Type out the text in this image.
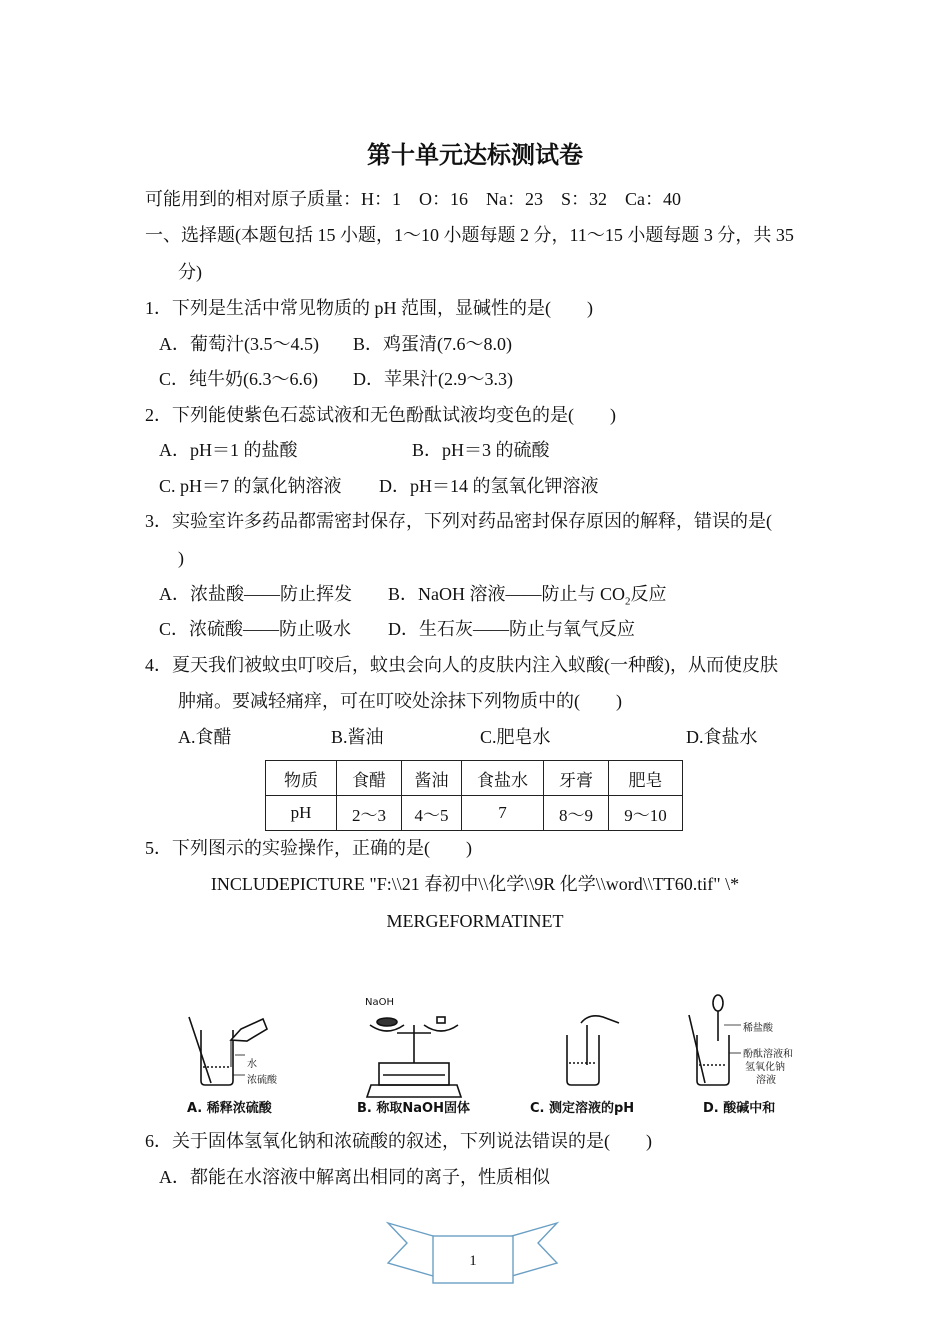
第十单元达标测试卷
可能用到的相对原子质量：H：1　O：16　Na：23　S：32　Ca：40
一、选择题(本题包括 15 小题，1～10 小题每题 2 分，11～15 小题每题 3 分，共 35
分)
1．下列是生活中常见物质的 pH 范围，显碱性的是(　　)
A．葡萄汁(3.5～4.5) B．鸡蛋清(7.6～8.0)
C．纯牛奶(6.3～6.6) D．苹果汁(2.9～3.3)
2．下列能使紫色石蕊试液和无色酚酞试液均变色的是(　　)
A．pH＝1 的盐酸	B．pH＝3 的硫酸
C. pH＝7 的氯化钠溶液 D．pH＝14 的氢氧化钾溶液
3．实验室许多药品都需密封保存，下列对药品密封保存原因的解释，错误的是(
)
A．浓盐酸——防止挥发 B．NaOH 溶液——防止与 $CO_2$反应
C．浓硫酸——防止吸水 D．生石灰——防止与氧气反应
4．夏天我们被蚊虫叮咬后，蚊虫会向人的皮肤内注入蚁酸(一种酸)，从而使皮肤
肿痛。要减轻痛痒，可在叮咬处涂抹下列物质中的(　　)
A.食醋	B.酱油	C.肥皂水	D.食盐水
物质	食醋	酱油	食盐水	牙膏	肥皂
pH	2～3	4～5	7	8～9	9～10
5．下列图示的实验操作，正确的是(　　)
INCLUDEPICTURE "F:\\21 春初中\\化学\\9R 化学\\word\\TT60.tif" \*
MERGEFORMATINET
水
浓硫酸
NaOH
稀盐酸
酚酞溶液和
氢氧化钠
溶液
A. 稀释浓硫酸	B. 称取NaOH固体	C. 测定溶液的pH	D. 酸碱中和
6．关于固体氢氧化钠和浓硫酸的叙述，下列说法错误的是(　　)
A．都能在水溶液中解离出相同的离子，性质相似
1
